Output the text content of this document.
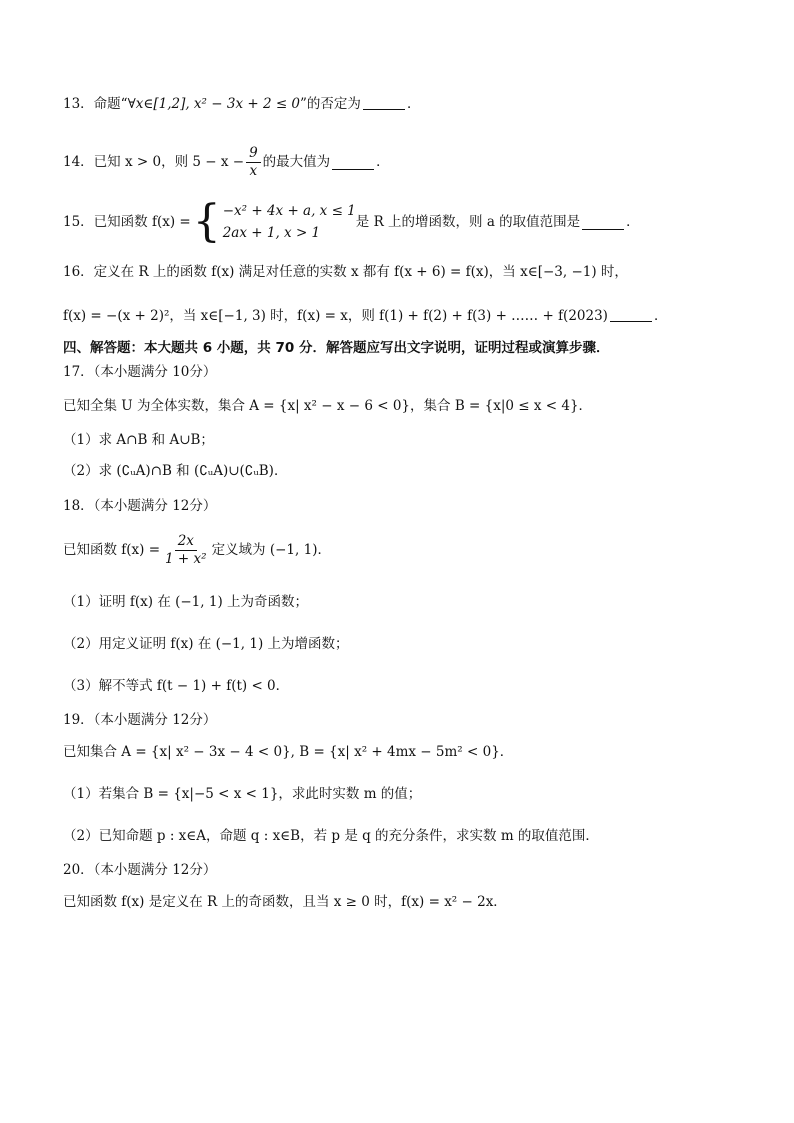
13．命题“∀x∈[1,2], x² − 3x + 2 ≤ 0”的否定为	．
14．已知 x > 0，则 $5 - x - \frac{9}{x}$ 的最大值为	．
15．已知函数 f(x) = { −x² + 4x + a, x ≤ 1
2ax + 1, x > 1
是 R 上的增函数，则 a 的取值范围是	．
16．定义在 R 上的函数 f(x) 满足对任意的实数 x 都有 f(x + 6) = f(x)，当 x∈[−3, −1) 时，
f(x) = −(x + 2)²，当 x∈[−1, 3) 时，f(x) = x，则 f(1) + f(2) + f(3) + …… + f(2023)	．
四、解答题：本大题共 6 小题，共 70 分．解答题应写出文字说明，证明过程或演算步骤．
17．（本小题满分 10分）
已知全集 U 为全体实数，集合 A = {x| x² − x − 6 < 0}，集合 B = {x|0 ≤ x < 4}．
（1）求 A∩B 和 A∪B；
（2）求 (∁ᵤA)∩B 和 (∁ᵤA)∪(∁ᵤB)．
18．（本小题满分 12分）
已知函数 $f(x) = \frac{2x}{\text{1 + x²}}$ 定义域为 (−1, 1)．
（1）证明 f(x) 在 (−1, 1) 上为奇函数；
（2）用定义证明 f(x) 在 (−1, 1) 上为增函数；
（3）解不等式 f(t − 1) + f(t) < 0．
19．（本小题满分 12分）
已知集合 A = {x| x² − 3x − 4 < 0}, B = {x| x² + 4mx − 5m² < 0}．
（1）若集合 B = {x|−5 < x < 1}，求此时实数 m 的值；
（2）已知命题 p : x∈A，命题 q : x∈B，若 p 是 q 的充分条件，求实数 m 的取值范围．
20．（本小题满分 12分）
已知函数 f(x) 是定义在 R 上的奇函数，且当 x ≥ 0 时，f(x) = x² − 2x．
